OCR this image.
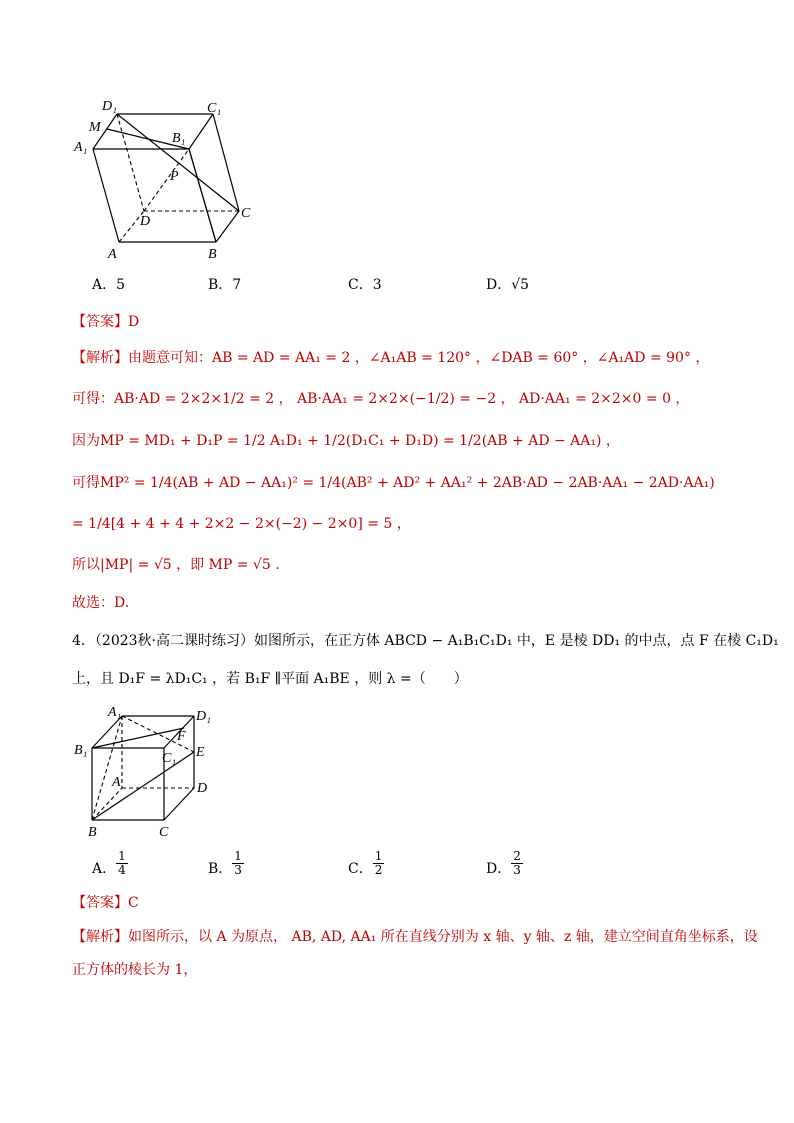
D₁	C₁
M
B₁
A₁
P
D
C
A	B
A．5	B．7	C．3	D．√5
【答案】D
【解析】由题意可知：AB = AD = AA₁ = 2 ，∠A₁AB = 120° ，∠DAB = 60° ，∠A₁AD = 90° ，
可得：AB·AD = 2×2×1/2 = 2 ， AB·AA₁ = 2×2×(−1/2) = −2 ， AD·AA₁ = 2×2×0 = 0 ，
因为MP = MD₁ + D₁P = 1/2 A₁D₁ + 1/2(D₁C₁ + D₁D) = 1/2(AB + AD − AA₁) ，
可得MP² = 1/4(AB + AD − AA₁)² = 1/4(AB² + AD² + AA₁² + 2AB·AD − 2AB·AA₁ − 2AD·AA₁)
= 1/4[4 + 4 + 4 + 2×2 − 2×(−2) − 2×0] = 5 ，
所以|MP| = √5 ，即 MP = √5 .
故选：D.
4．（2023秋·高二课时练习）如图所示，在正方体 ABCD − A₁B₁C₁D₁ 中，E 是棱 DD₁ 的中点，点 F 在棱 C₁D₁
上，且 D₁F = λD₁C₁ ，若 B₁F ∥平面 A₁BE ，则 λ =（　　）
A₁	D₁
F
B₁
C₁ E
A	D
B	C
A． $\frac{1}{4}$	B． $\frac{1}{3}$	C． $\frac{1}{2}$	D． $\frac{2}{3}$
【答案】C
【解析】如图所示，以 A 为原点， AB, AD, AA₁ 所在直线分别为 x 轴、y 轴、z 轴，建立空间直角坐标系，设
正方体的棱长为 1，
